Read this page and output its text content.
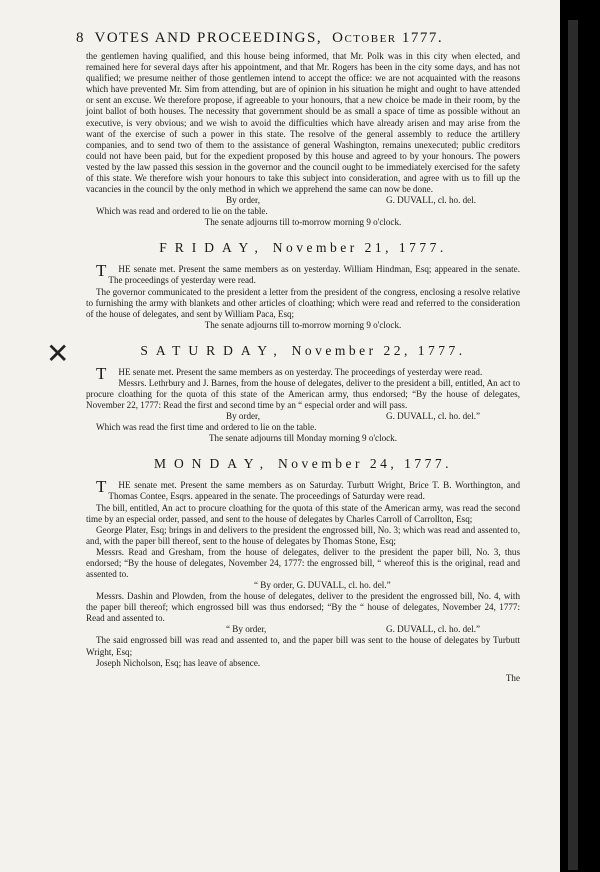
8 VOTES AND PROCEEDINGS, October 1777.

the gentlemen having qualified, and this house being informed, that Mr. Polk was in this city when elected, and remained here for several days after his appointment, and that Mr. Rogers has been in the city some days, and has not qualified; we presume neither of those gentlemen intend to accept the office: we are not acquainted with the reasons which have prevented Mr. Sim from attending, but are of opinion in his situation he might and ought to have attended or sent an excuse. We therefore propose, if agreeable to your honours, that a new choice be made in their room, by the joint ballot of both houses. The necessity that government should be as small a space of time as possible without an executive, is very obvious; and we wish to avoid the difficulties which have already arisen and may arise from the want of the exercise of such a power in this state. The resolve of the general assembly to reduce the artillery companies, and to send two of them to the assistance of general Washington, remains unexecuted; public creditors could not have been paid, but for the expedient proposed by this house and agreed to by your honours. The powers vested by the law passed this session in the governor and the council ought to be immediately exercised for the safety of this state. We therefore wish your honours to take this subject into consideration, and agree with us to fill up the vacancies in the council by the only method in which we apprehend the same can now be done.

By order,	G. DUVALL, cl. ho. del.
Which was read and ordered to lie on the table.
The senate adjourns till to-morrow morning 9 o'clock.
FRIDAY, November 21, 1777.

T HE senate met. Present the same members as on yesterday. William Hindman, Esq; appeared in the senate. The proceedings of yesterday were read.

The governor communicated to the president a letter from the president of the congress, enclosing a resolve relative to furnishing the army with blankets and other articles of cloathing; which were read and referred to the consideration of the house of delegates, and sent by William Paca, Esq;

The senate adjourns till to-morrow morning 9 o'clock.
✕	SATURDAY, November 22, 1777.

T HE senate met. Present the same members as on yesterday. The proceedings of yesterday were read.

Messrs. Lethrbury and J. Barnes, from the house of delegates, deliver to the president a bill, entitled, An act to procure cloathing for the quota of this state of the American army, thus endorsed; “By the house of delegates, November 22, 1777: Read the first and second time by an “ especial order and will pass.

By order,	G. DUVALL, cl. ho. del.”
Which was read the first time and ordered to lie on the table.
The senate adjourns till Monday morning 9 o'clock.
MONDAY, November 24, 1777.

T HE senate met. Present the same members as on Saturday. Turbutt Wright, Brice T. B. Worthington, and Thomas Contee, Esqrs. appeared in the senate. The proceedings of Saturday were read.

The bill, entitled, An act to procure cloathing for the quota of this state of the American army, was read the second time by an especial order, passed, and sent to the house of delegates by Charles Carroll of Carrollton, Esq;

George Plater, Esq; brings in and delivers to the president the engrossed bill, No. 3; which was read and assented to, and, with the paper bill thereof, sent to the house of delegates by Thomas Stone, Esq;

Messrs. Read and Gresham, from the house of delegates, deliver to the president the paper bill, No. 3, thus endorsed; “By the house of delegates, November 24, 1777: the engrossed bill, “ whereof this is the original, read and assented to.

“ By order, G. DUVALL, cl. ho. del.”

Messrs. Dashin and Plowden, from the house of delegates, deliver to the president the engrossed bill, No. 4, with the paper bill thereof; which engrossed bill was thus endorsed; “By the “ house of delegates, November 24, 1777: Read and assented to.

“ By order,	G. DUVALL, cl. ho. del.”

The said engrossed bill was read and assented to, and the paper bill was sent to the house of delegates by Turbutt Wright, Esq;

Joseph Nicholson, Esq; has leave of absence.

The
